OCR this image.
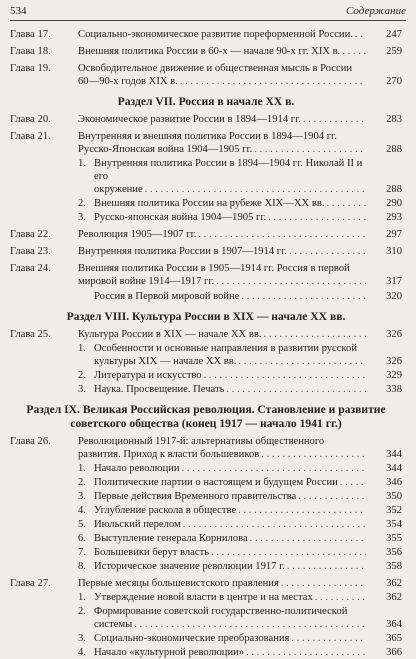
534	Содержание
Глава 17.	Социально-экономическое развитие пореформенной России. . . .	247
Глава 18.	Внешняя политика России в 60-х — начале 90-х гг. XIX в. . . .	259
Глава 19.	Освободительное движение и общественная мысль в России
60—90-х годов XIX в. . . .	270
Раздел VII. Россия в начале XX в.
Глава 20.	Экономическое развитие России в 1894—1914 гг. . . .	283
Глава 21.	Внутренняя и внешняя политика России в 1894—1904 гг.
Русско-Японская война 1904—1905 гг. . . .	288
1. Внутренняя политика России в 1894—1904 гг. Николай II и его
окружение . . .	288
2. Внешняя политика России на рубеже XIX—XX вв. . . .	290
3. Русско-японская война 1904—1905 гг. . . .	293
Глава 22.	Революция 1905—1907 гг. . . .	297
Глава 23.	Внутренняя политика России в 1907—1914 гг. . . .	310
Глава 24.	Внешняя политика России в 1905—1914 гг. Россия в первой
мировой войне 1914—1917 гг. . . .	317
Россия в Первой мировой войне . . .	320
Раздел VIII. Культура России в XIX — начале XX вв.
Глава 25.	Культура России в XIX — начале XX вв. . . .	326
1. Особенности и основные направления в развитии русской
культуры XIX — начале XX вв. . . .	326
2. Литература и искусство . . .	329
3. Наука. Просвещение. Печать . . .	338
Раздел IX. Великая Российская революция. Становление и развитие советского общества (конец 1917 — начало 1941 гг.)
Глава 26.	Революционный 1917-й: альтернативы общественного
развития. Приход к власти большевиков . . .	344
1. Начало революции . . .	344
2. Политические партии о настоящем и будущем России . . .	346
3. Первые действия Временного правительства . . .	350
4. Углубление раскола в обществе . . .	352
5. Июльский перелом . . .	354
6. Выступление генерала Корнилова . . .	355
7. Большевики берут власть . . .	356
8. Историческое значение революции 1917 г. . . .	358
Глава 27.	Первые месяцы большевистского правления . . .	362
1. Утверждение новой власти в центре и на местах . . .	362
2. Формирование советской государственно-политической
системы . . .	364
3. Социально-экономические преобразования . . .	365
4. Начало «культурной революции» . . .	366
